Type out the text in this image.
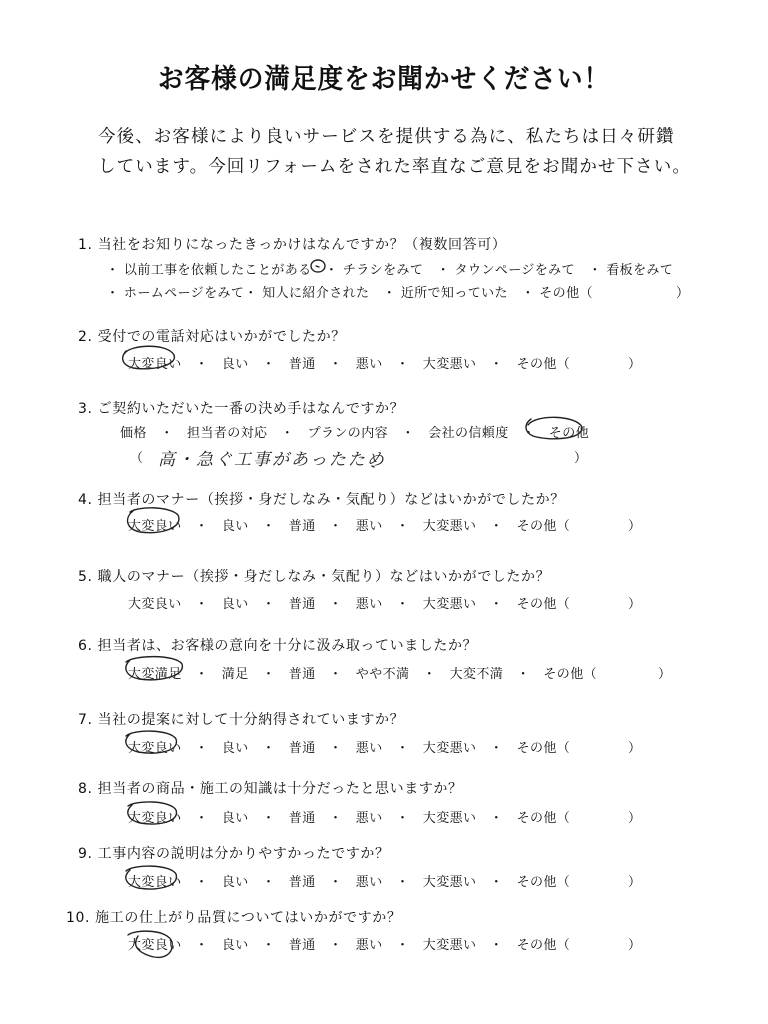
お客様の満足度をお聞かせください！
今後、お客様により良いサービスを提供する為に、私たちは日々研鑽
しています。今回リフォームをされた率直なご意見をお聞かせ下さい。
1. 当社をお知りになったきっかけはなんですか？（複数回答可）
・ 以前工事を依頼したことがある　・ チラシをみて　・ タウンページをみて　・ 看板をみて
・ ホームページをみて・ 知人に紹介された　・ 近所で知っていた　・ その他（	）
2. 受付での電話対応はいかがでしたか？
大変良い　・　良い　・　普通　・　悪い　・　大変悪い　・　その他（	）
3. ご契約いただいた一番の決め手はなんですか？
価格　・　担当者の対応　・　プランの内容　・　会社の信頼度　・　その他
（	）
高・急ぐ工事があったため
4. 担当者のマナー（挨拶・身だしなみ・気配り）などはいかがでしたか？
大変良い　・　良い　・　普通　・　悪い　・　大変悪い　・　その他（	）
5. 職人のマナー（挨拶・身だしなみ・気配り）などはいかがでしたか？
大変良い　・　良い　・　普通　・　悪い　・　大変悪い　・　その他（	）
6. 担当者は、お客様の意向を十分に汲み取っていましたか？
大変満足　・　満足　・　普通　・　やや不満　・　大変不満　・　その他（	）
7. 当社の提案に対して十分納得されていますか？
大変良い　・　良い　・　普通　・　悪い　・　大変悪い　・　その他（	）
8. 担当者の商品・施工の知識は十分だったと思いますか？
大変良い　・　良い　・　普通　・　悪い　・　大変悪い　・　その他（	）
9. 工事内容の説明は分かりやすかったですか？
大変良い　・　良い　・　普通　・　悪い　・　大変悪い　・　その他（	）
10. 施工の仕上がり品質についてはいかがですか？
大変良い　・　良い　・　普通　・　悪い　・　大変悪い　・　その他（	）
